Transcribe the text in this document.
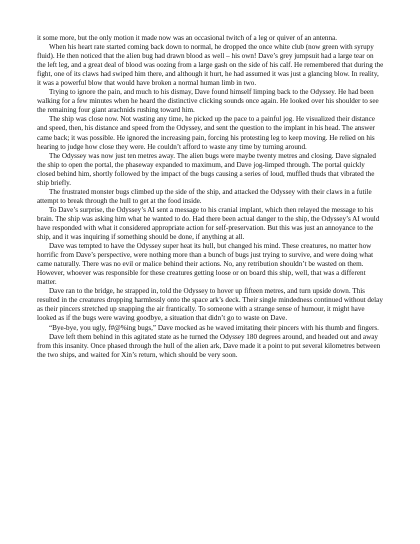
it some more, but the only motion it made now was an occasional twitch of a leg or quiver of an antenna.

When his heart rate started coming back down to normal, he dropped the once white club (now green with syrupy fluid). He then noticed that the alien bug had drawn blood as well – his own! Dave’s grey jumpsuit had a large tear on the left leg, and a great deal of blood was oozing from a large gash on the side of his calf. He remembered that during the fight, one of its claws had swiped him there, and although it hurt, he had assumed it was just a glancing blow. In reality, it was a powerful blow that would have broken a normal human limb in two.

Trying to ignore the pain, and much to his dismay, Dave found himself limping back to the Odyssey. He had been walking for a few minutes when he heard the distinctive clicking sounds once again. He looked over his shoulder to see the remaining four giant arachnids rushing toward him.

The ship was close now. Not wasting any time, he picked up the pace to a painful jog. He visualized their distance and speed, then, his distance and speed from the Odyssey, and sent the question to the implant in his head. The answer came back; it was possible. He ignored the increasing pain, forcing his protesting leg to keep moving. He relied on his hearing to judge how close they were. He couldn’t afford to waste any time by turning around.

The Odyssey was now just ten metres away. The alien bugs were maybe twenty metres and closing. Dave signaled the ship to open the portal, the phaseway expanded to maximum, and Dave jog-limped through. The portal quickly closed behind him, shortly followed by the impact of the bugs causing a series of loud, muffled thuds that vibrated the ship briefly.

The frustrated monster bugs climbed up the side of the ship, and attacked the Odyssey with their claws in a futile attempt to break through the hull to get at the food inside.

To Dave’s surprise, the Odyssey’s AI sent a message to his cranial implant, which then relayed the message to his brain. The ship was asking him what he wanted to do. Had there been actual danger to the ship, the Odyssey’s AI would have responded with what it considered appropriate action for self-preservation. But this was just an annoyance to the ship, and it was inquiring if something should be done, if anything at all.

Dave was tempted to have the Odyssey super heat its hull, but changed his mind. These creatures, no matter how horrific from Dave’s perspective, were nothing more than a bunch of bugs just trying to survive, and were doing what came naturally. There was no evil or malice behind their actions. No, any retribution shouldn’t be wasted on them. However, whoever was responsible for these creatures getting loose or on board this ship, well, that was a different matter.

Dave ran to the bridge, he strapped in, told the Odyssey to hover up fifteen metres, and turn upside down. This resulted in the creatures dropping harmlessly onto the space ark’s deck. Their single mindedness continued without delay as their pincers stretched up snapping the air frantically. To someone with a strange sense of humour, it might have looked as if the bugs were waving goodbye, a situation that didn’t go to waste on Dave.

“Bye-bye, you ugly, f#@%ing bugs,” Dave mocked as he waved imitating their pincers with his thumb and fingers.

Dave left them behind in this agitated state as he turned the Odyssey 180 degrees around, and headed out and away from this insanity. Once phased through the hull of the alien ark, Dave made it a point to put several kilometres between the two ships, and waited for Xin’s return, which should be very soon.
